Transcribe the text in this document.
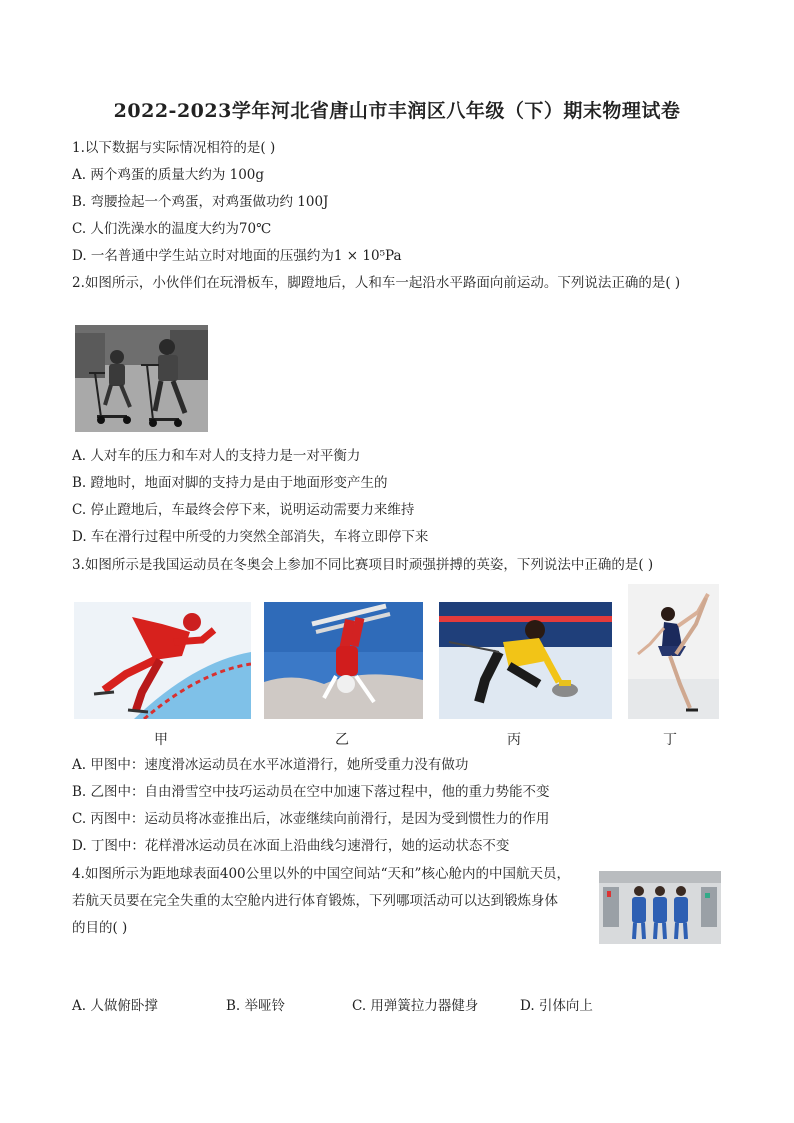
2022-2023学年河北省唐山市丰润区八年级（下）期末物理试卷
1.以下数据与实际情况相符的是( )
A. 两个鸡蛋的质量大约为 100g
B. 弯腰捡起一个鸡蛋，对鸡蛋做功约 100J
C. 人们洗澡水的温度大约为70℃
D. 一名普通中学生站立时对地面的压强约为1 × 10⁵Pa
2.如图所示，小伙伴们在玩滑板车，脚蹬地后，人和车一起沿水平路面向前运动。下列说法正确的是( )
A. 人对车的压力和车对人的支持力是一对平衡力
B. 蹬地时，地面对脚的支持力是由于地面形变产生的
C. 停止蹬地后，车最终会停下来，说明运动需要力来维持
D. 车在滑行过程中所受的力突然全部消失，车将立即停下来
3.如图所示是我国运动员在冬奥会上参加不同比赛项目时顽强拼搏的英姿，下列说法中正确的是( )
甲	乙	丙	丁
A. 甲图中：速度滑冰运动员在水平冰道滑行，她所受重力没有做功
B. 乙图中：自由滑雪空中技巧运动员在空中加速下落过程中，他的重力势能不变
C. 丙图中：运动员将冰壶推出后，冰壶继续向前滑行，是因为受到惯性力的作用
D. 丁图中：花样滑冰运动员在冰面上沿曲线匀速滑行，她的运动状态不变
4.如图所示为距地球表面400公里以外的中国空间站“天和”核心舱内的中国航天员，
若航天员要在完全失重的太空舱内进行体育锻炼，下列哪项活动可以达到锻炼身体
的目的( )
A. 人做俯卧撑	B. 举哑铃	C. 用弹簧拉力器健身	D. 引体向上
